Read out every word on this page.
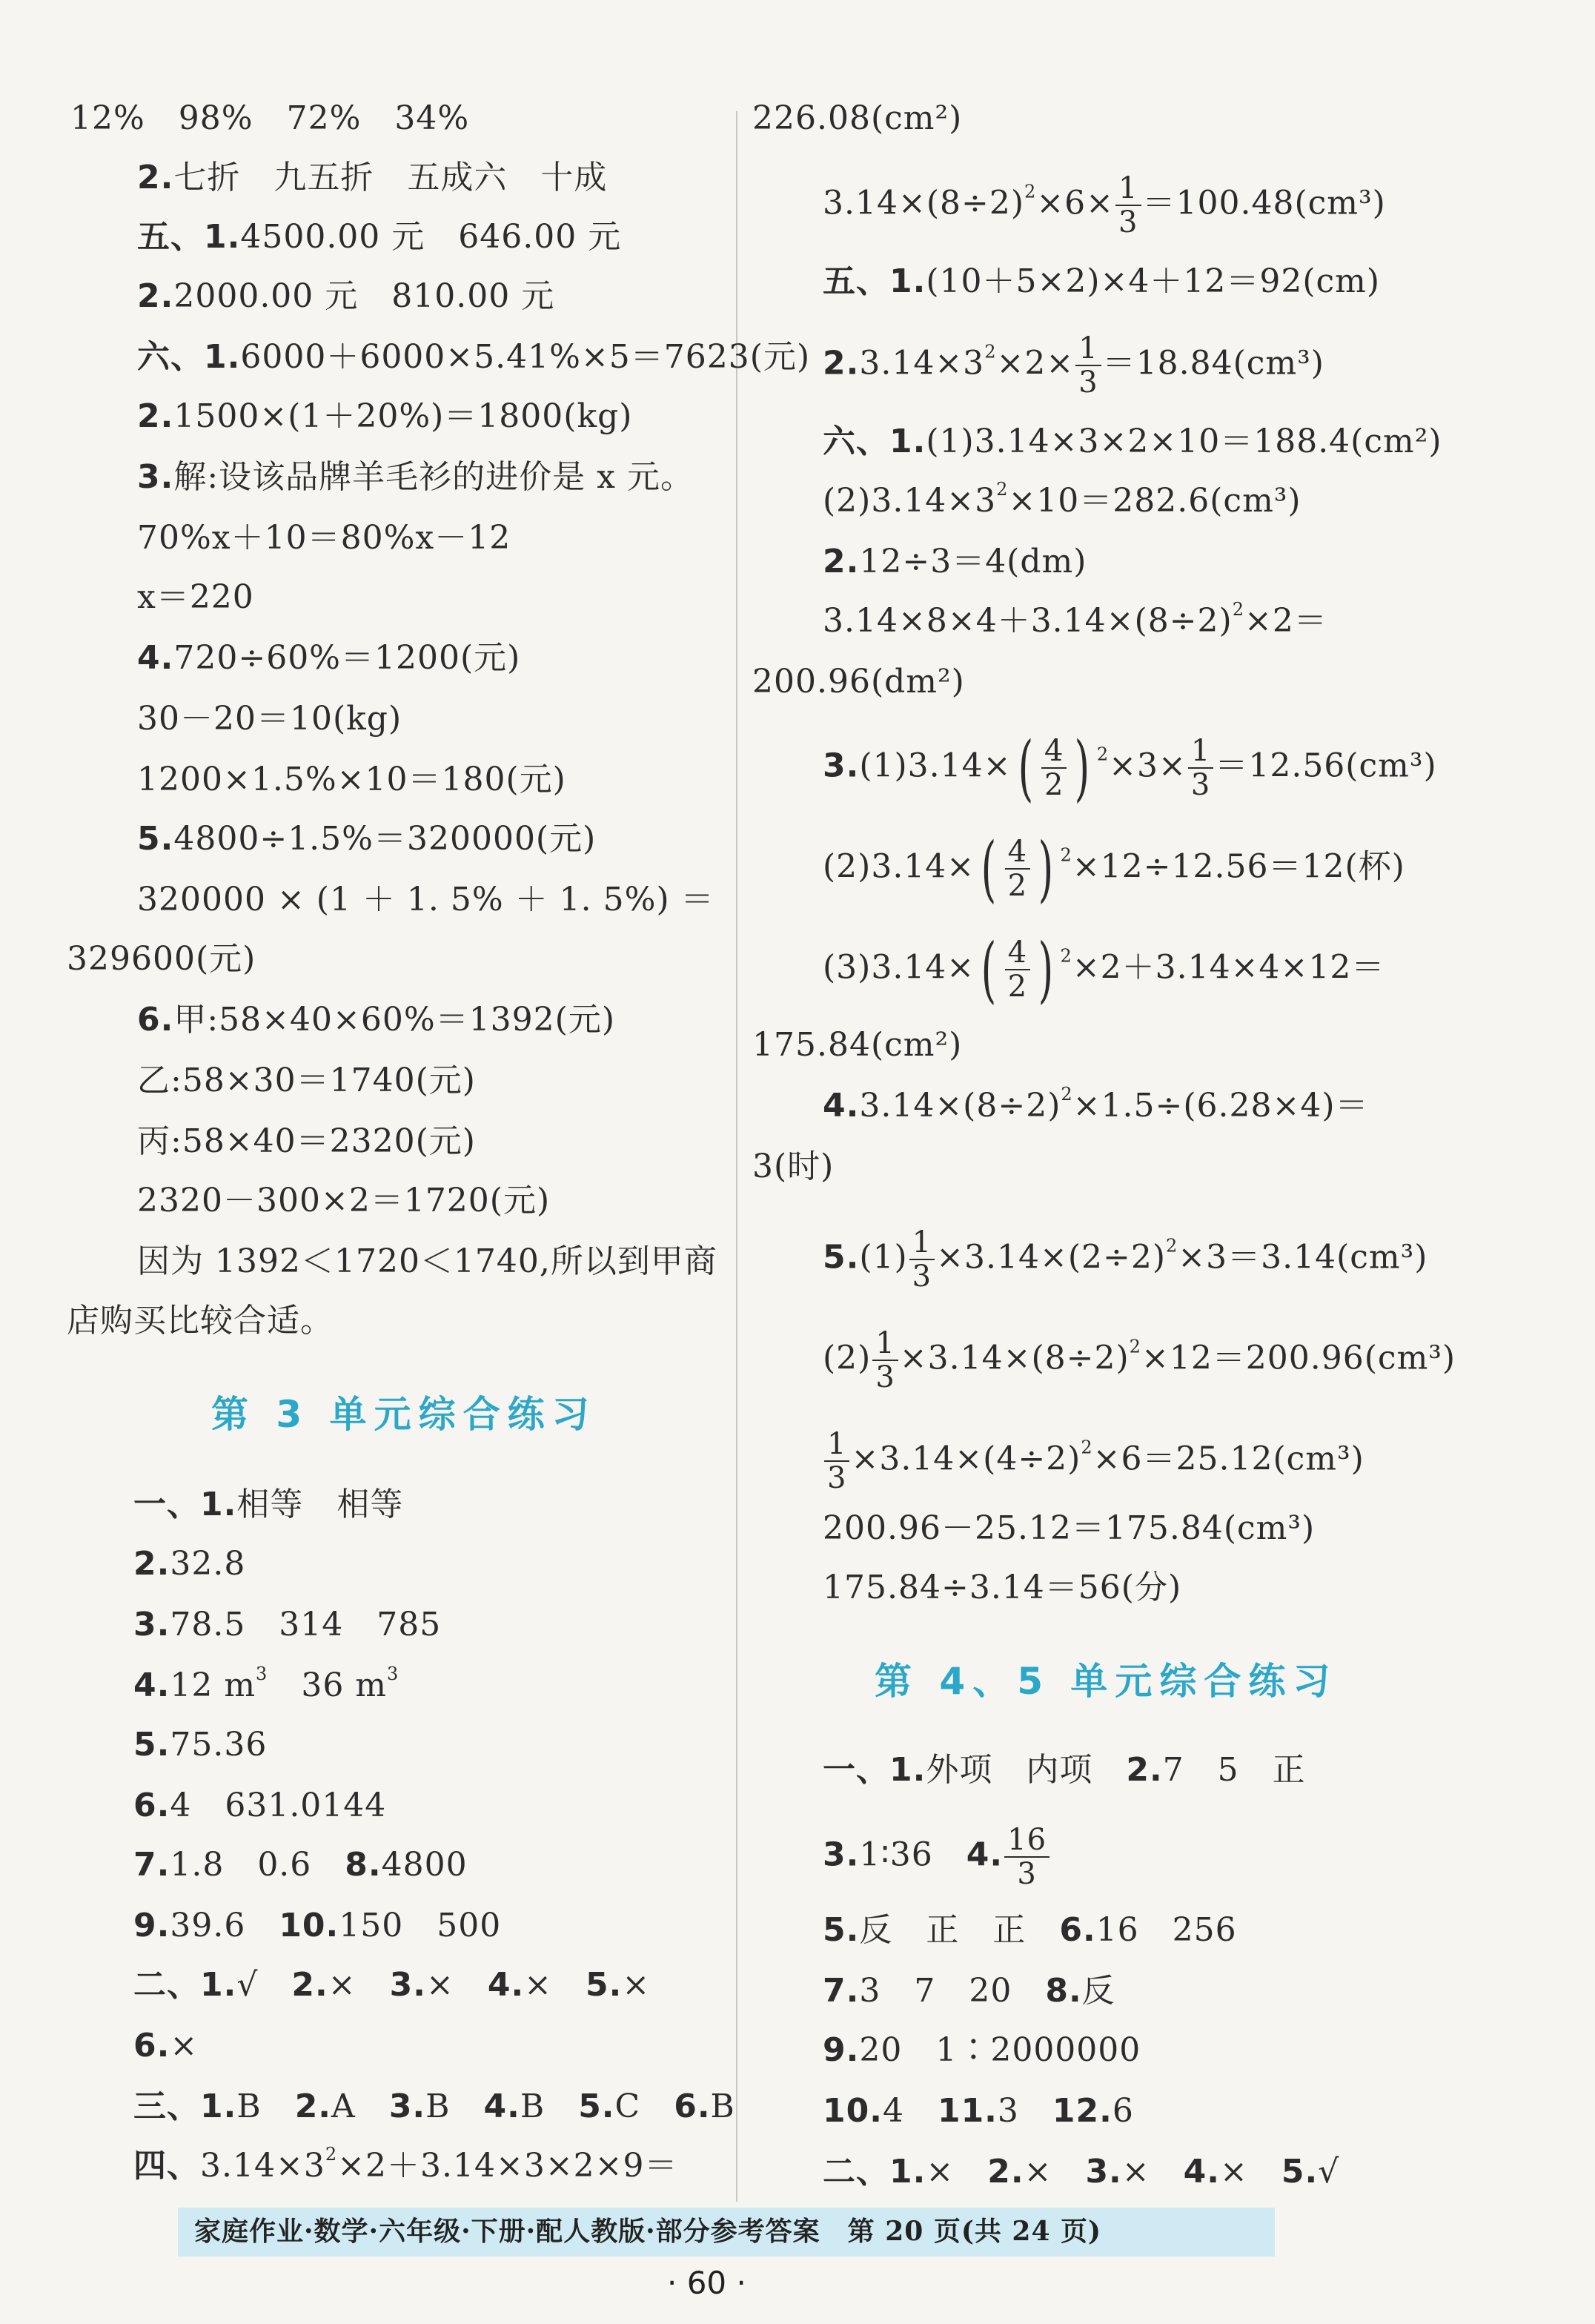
12%　98%　72%　34%
2.七折　九五折　五成六　十成
五、1.4500.00 元　646.00 元
2.2000.00 元　810.00 元
六、1.6000＋6000×5.41%×5＝7623(元)
2.1500×(1＋20%)＝1800(kg)
3.解:设该品牌羊毛衫的进价是 x 元。
70%x＋10＝80%x－12
x＝220
4.720÷60%＝1200(元)
30－20＝10(kg)
1200×1.5%×10＝180(元)
5.4800÷1.5%＝320000(元)
320000 × (1 ＋ 1. 5% ＋ 1. 5%) ＝
329600(元)
6.甲:58×40×60%＝1392(元)
乙:58×30＝1740(元)
丙:58×40＝2320(元)
2320－300×2＝1720(元)
因为 1392＜1720＜1740,所以到甲商
店购买比较合适。
第 3 单元综合练习
一、1.相等　相等
2.32.8
3.78.5　314　785
4.12 $m^3$　36 $m^3$
5.75.36
6.4　631.0144
7.1.8　0.6　8.4800
9.39.6　10.150　500
二、1.√　2.×　3.×　4.×　5.×
6.×
三、1.B　2.A　3.B　4.B　5.C　6.B
四、$3.14\times 3^2\times 2+3.14\times 3\times 2\times 9=$
226.08(cm²)
$3.14\times(8\div 2)^2\times 6\times \frac{1}{3} =100.48(cm^3)$
五、1.(10＋5×2)×4＋12＝92(cm)
$2.3.14\times 3^2\times 2\times \frac{1}{3} =18.84(cm^3)$
六、1.(1)3.14×3×2×10＝188.4(cm²)
$(2)3.14\times 3^2\times 10=282.6(cm^3)$
2.12÷3＝4(dm)
$3.14\times 8\times 4+3.14\times(8\div 2)^2\times 2=$
200.96(dm²)
$3.(1)3.14\times( \frac{4}{2}$ ) $^2\times 3\times \frac{1}{3} =12.56(cm^3)$
$(2)3.14\times( \frac{4}{2}$ ) $^2$×12÷12.56＝12(杯)
$(3)3.14\times( \frac{4}{2}$ ) $^2$×2＋3.14×4×12＝
175.84(cm²)
$4.3.14\times(8\div 2)^2\times 1.5\div(6.28\times 4)=$
3(时)
$5.(1) \frac{1}{3} \times 3.14\times(2\div 2)^2\times 3=3.14(cm^3)$
$(2) \frac{1}{3} \times 3.14\times(8\div 2)^2\times 12=200.96(cm^3)$
$\frac{1}{3} \times 3.14\times(4\div 2)^2\times 6=25.12(cm^3)$
200.96－25.12＝175.84(cm³)
175.84÷3.14＝56(分)
第 4、5 单元综合练习
一、1.外项　内项　2.7　5　正
3.1∶36　4. $\frac{16}{3}$
5.反　正　正　6.16　256
7.3　7　20　8.反
9.20　1∶2000000
10.4　11.3　12.6
二、1.×　2.×　3.×　4.×　5.√
家庭作业·数学·六年级·下册·配人教版·部分参考答案　第 20 页(共 24 页)
· 60 ·
